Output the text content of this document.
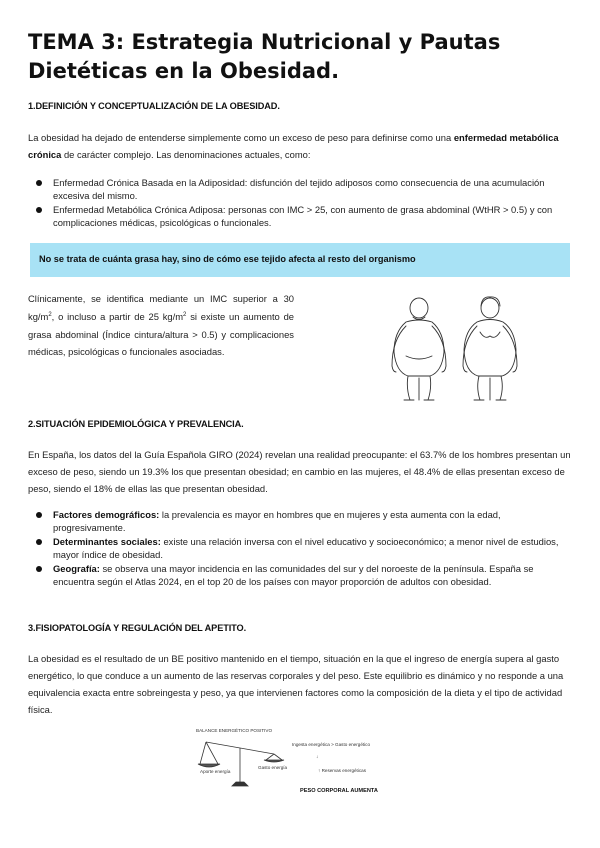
TEMA 3: Estrategia Nutricional y Pautas Dietéticas en la Obesidad.

1.DEFINICIÓN Y CONCEPTUALIZACIÓN DE LA OBESIDAD.

La obesidad ha dejado de entenderse simplemente como un exceso de peso para definirse como una enfermedad metabólica crónica de carácter complejo. Las denominaciones actuales, como:

Enfermedad Crónica Basada en la Adiposidad: disfunción del tejido adiposos como consecuencia de una acumulación excesiva del mismo.
Enfermedad Metabólica Crónica Adiposa: personas con IMC > 25, con aumento de grasa abdominal (WtHR > 0.5) y con complicaciones médicas, psicológicas o funcionales.
No se trata de cuánta grasa hay, sino de cómo ese tejido afecta al resto del organismo

Clínicamente, se identifica mediante un IMC superior a 30 $kg/m^2$, o incluso a partir de 25 $kg/m^2$ si existe un aumento de grasa abdominal (Índice cintura/altura > 0.5) y complicaciones médicas, psicológicas o funcionales asociadas.

2.SITUACIÓN EPIDEMIOLÓGICA Y PREVALENCIA.

En España, los datos del la Guía Española GIRO (2024) revelan una realidad preocupante: el 63.7% de los hombres presentan un exceso de peso, siendo un 19.3% los que presentan obesidad; en cambio en las mujeres, el 48.4% de ellas presentan exceso de peso, siendo el 18% de ellas las que presentan obesidad.

Factores demográficos: la prevalencia es mayor en hombres que en mujeres y esta aumenta con la edad, progresivamente.
Determinantes sociales: existe una relación inversa con el nivel educativo y socioeconómico; a menor nivel de estudios, mayor índice de obesidad.
Geografía: se observa una mayor incidencia en las comunidades del sur y del noroeste de la península. España se encuentra según el Atlas 2024, en el top 20 de los países con mayor proporción de adultos con obesidad.

3.FISIOPATOLOGÍA Y REGULACIÓN DEL APETITO.

La obesidad es el resultado de un BE positivo mantenido en el tiempo, situación en la que el ingreso de energía supera al gasto energético, lo que conduce a un aumento de las reservas corporales y del peso. Este equilibrio es dinámico y no responde a una equivalencia exacta entre sobreingesta y peso, ya que intervienen factores como la composición de la dieta y el tipo de actividad física.

BALANCE ENERGÉTICO POSITIVO
Aporte energía
Gasto energía
Ingesta energética > Gasto energético
↓
↑ Reservas energéticas
PESO CORPORAL AUMENTA
